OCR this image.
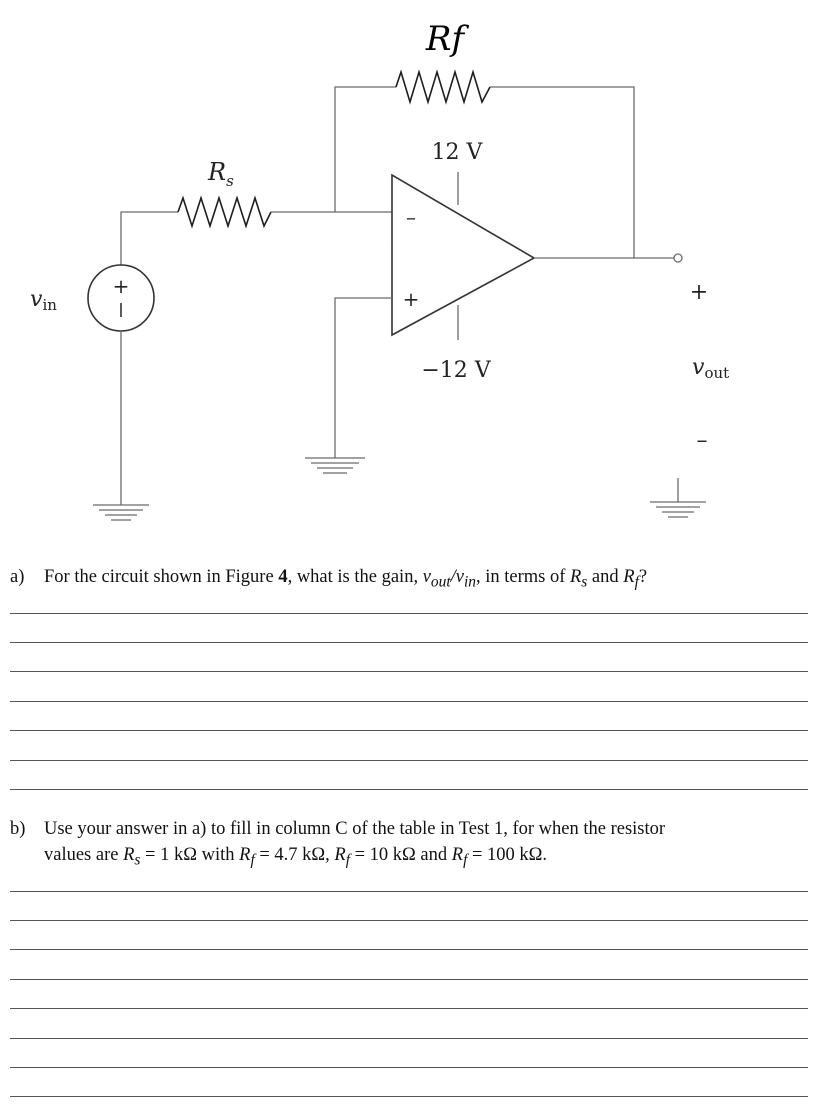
–
+
+
Rf
12 V
−12 V
$R_s$
vin	+
vout
–
a) For the circuit shown in Figure 4, what is the gain, $v_{out}/v_{in}$, in terms of $R_s$ and $R_f$?
b) Use your answer in a) to fill in column C of the table in Test 1, for when the resistor
values are $R_s = 1$ kΩ with $R_f = 4.7$ kΩ, $R_f = 10$ kΩ and $R_f = 100$ kΩ.
